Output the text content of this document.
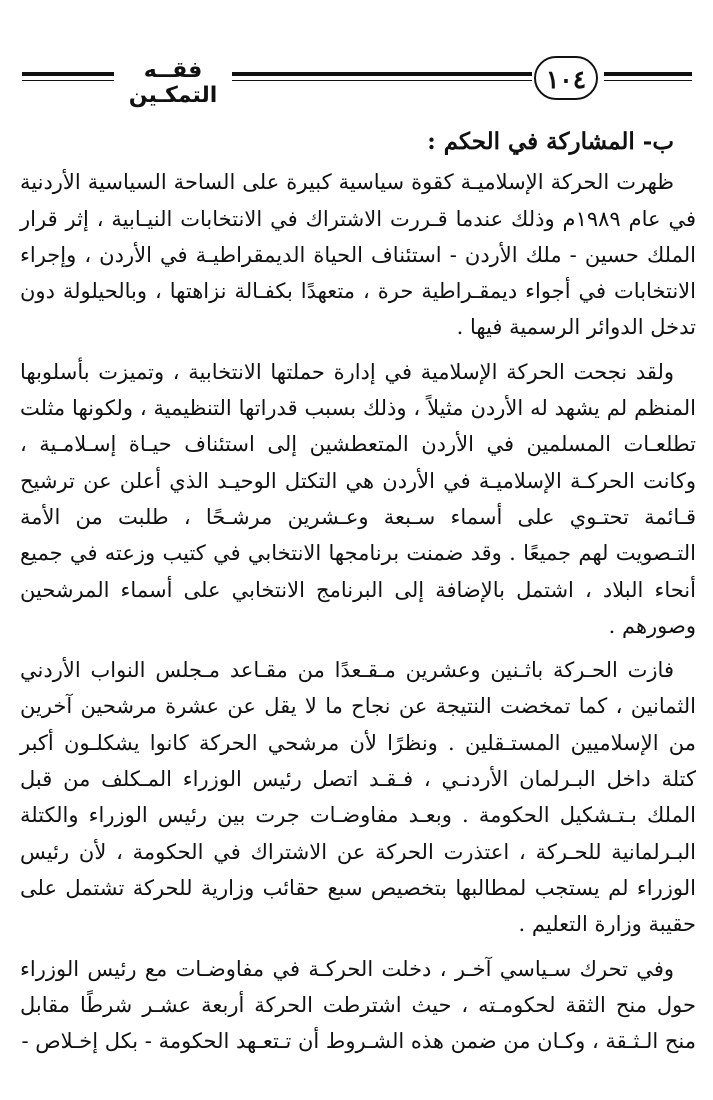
فقــه التمكـين
١٠٤
ب- المشاركة في الحكم :

ظهرت الحركة الإسلاميـة كقوة سياسية كبيرة على الساحة السياسية الأردنية في عام ١٩٨٩م وذلك عندما قـررت الاشتراك في الانتخابات النيـابية ، إثر قرار الملك حسين - ملك الأردن - استئناف الحياة الديمقراطيـة في الأردن ، وإجراء الانتخابات في أجواء ديمقـراطية حرة ، متعهدًا بكفـالة نزاهتها ، وبالحيلولة دون تدخل الدوائر الرسمية فيها .

ولقد نجحت الحركة الإسلامية في إدارة حملتها الانتخابية ، وتميزت بأسلوبها المنظم لم يشهد له الأردن مثيلاً ، وذلك بسبب قدراتها التنظيمية ، ولكونها مثلت تطلعـات المسلمين في الأردن المتعطشين إلى استئناف حيـاة إسـلامـية ، وكانت الحركـة الإسلاميـة في الأردن هي التكتل الوحيـد الذي أعلن عن ترشيح قـائمة تحتـوي على أسماء سـبعة وعـشرين مرشـحًا ، طلبت من الأمة التـصويت لهم جميعًا . وقد ضمنت برنامجها الانتخابي في كتيب وزعته في جميع أنحاء البلاد ، اشتمل بالإضافة إلى البرنامج الانتخابي على أسماء المرشحين وصورهم .

فازت الحـركة باثـنين وعشرين مـقـعدًا من مقـاعد مـجلس النواب الأردني الثمانين ، كما تمخضت النتيجة عن نجاح ما لا يقل عن عشرة مرشحين آخرين من الإسلاميين المستـقلين . ونظرًا لأن مرشحي الحركة كانوا يشكلـون أكبر كتلة داخل البـرلمان الأردنـي ، فـقـد اتصل رئيس الوزراء المـكلف من قبل الملك بـتـشكيل الحكومة . وبعـد مفاوضـات جرت بين رئيس الوزراء والكتلة البـرلمانية للحـركة ، اعتذرت الحركة عن الاشتراك في الحكومة ، لأن رئيس الوزراء لم يستجب لمطالبها بتخصيص سبع حقائب وزارية للحركة تشتمل على حقيبة وزارة التعليم .

وفي تحرك سـياسي آخـر ، دخلت الحركـة في مفاوضـات مع رئيس الوزراء حول منح الثقة لحكومـته ، حيث اشترطت الحركة أربعة عشـر شرطًا مقابل منح الـثـقة ، وكـان من ضمن هذه الشـروط أن تـتعـهد الحكومة - بكل إخـلاص -
